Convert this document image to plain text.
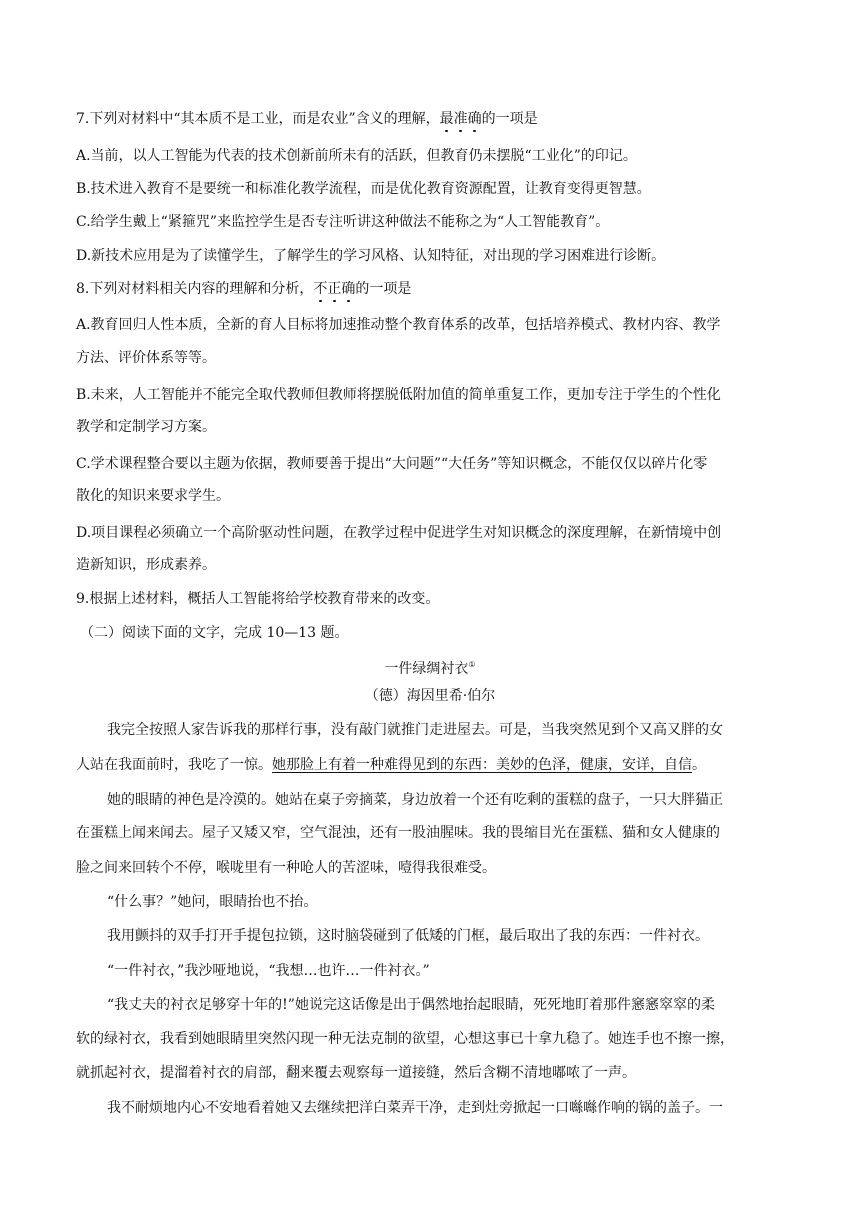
7.下列对材料中“其本质不是工业，而是农业”含义的理解，最准确的一项是
A.当前，以人工智能为代表的技术创新前所未有的活跃，但教育仍未摆脱“工业化”的印记。
B.技术进入教育不是要统一和标准化教学流程，而是优化教育资源配置，让教育变得更智慧。
C.给学生戴上“紧箍咒”来监控学生是否专注听讲这种做法不能称之为“人工智能教育”。
D.新技术应用是为了读懂学生，了解学生的学习风格、认知特征，对出现的学习困难进行诊断。
8.下列对材料相关内容的理解和分析，不正确的一项是
A.教育回归人性本质，全新的育人目标将加速推动整个教育体系的改革，包括培养模式、教材内容、教学
方法、评价体系等等。
B.未来，人工智能并不能完全取代教师但教师将摆脱低附加值的简单重复工作，更加专注于学生的个性化
教学和定制学习方案。
C.学术课程整合要以主题为依据，教师要善于提出“大问题”“大任务”等知识概念，不能仅仅以碎片化零
散化的知识来要求学生。
D.项目课程必须确立一个高阶驱动性问题，在教学过程中促进学生对知识概念的深度理解，在新情境中创
造新知识，形成素养。
9.根据上述材料，概括人工智能将给学校教育带来的改变。
（二）阅读下面的文字，完成 10—13 题。
一件绿绸衬衣①
（德）海因里希·伯尔
我完全按照人家告诉我的那样行事，没有敲门就推门走进屋去。可是，当我突然见到个又高又胖的女
人站在我面前时，我吃了一惊。她那脸上有着一种难得见到的东西：美妙的色泽，健康，安详，自信。
她的眼睛的神色是冷漠的。她站在桌子旁摘菜，身边放着一个还有吃剩的蛋糕的盘子，一只大胖猫正
在蛋糕上闻来闻去。屋子又矮又窄，空气混浊，还有一股油腥味。我的畏缩目光在蛋糕、猫和女人健康的
脸之间来回转个不停，喉咙里有一种呛人的苦涩味，噎得我很难受。
“什么事？”她问，眼睛抬也不抬。
我用颤抖的双手打开手提包拉锁，这时脑袋碰到了低矮的门框，最后取出了我的东西：一件衬衣。
“一件衬衣，”我沙哑地说，“我想…也许…一件衬衣。”
“我丈夫的衬衣足够穿十年的!”她说完这话像是出于偶然地抬起眼睛，死死地盯着那件窸窸窣窣的柔
软的绿衬衣，我看到她眼睛里突然闪现一种无法克制的欲望，心想这事已十拿九稳了。她连手也不擦一擦，
就抓起衬衣，提溜着衬衣的肩部，翻来覆去观察每一道接缝，然后含糊不清地嘟哝了一声。
我不耐烦地内心不安地看着她又去继续把洋白菜弄干净，走到灶旁掀起一口噝噝作响的锅的盖子。一
